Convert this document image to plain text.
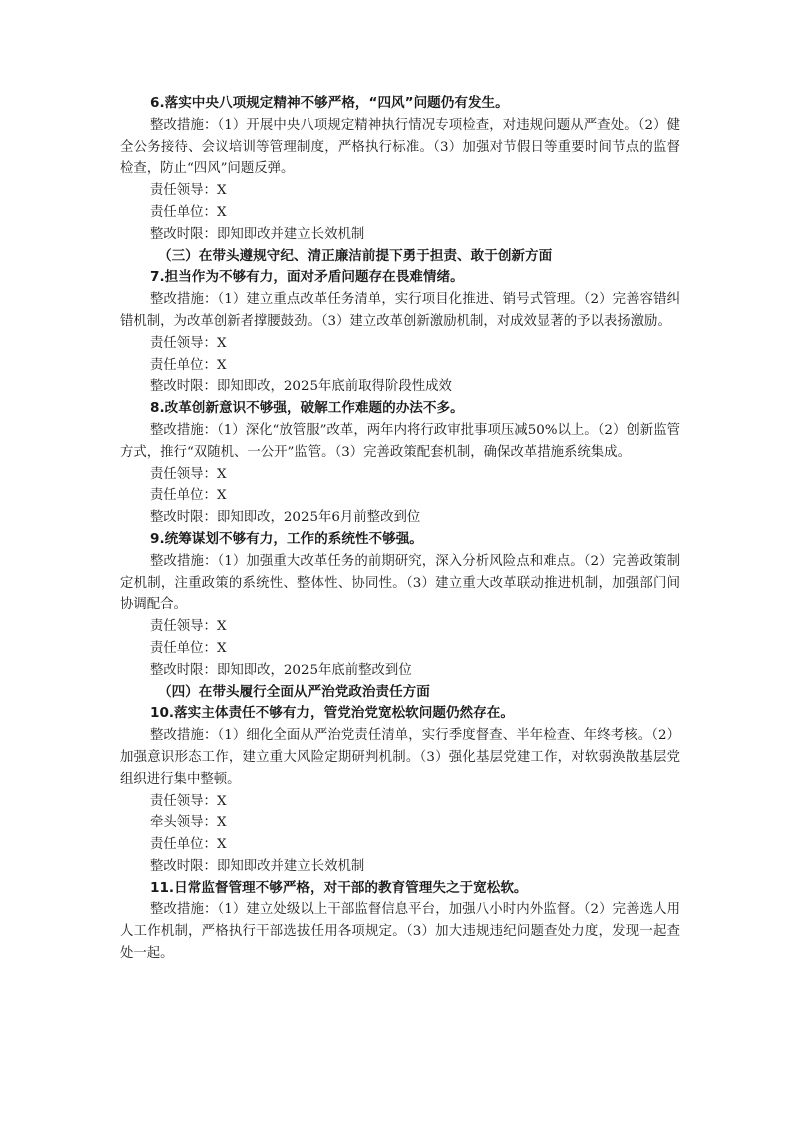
6.落实中央八项规定精神不够严格，“四风”问题仍有发生。

整改措施：（1）开展中央八项规定精神执行情况专项检查，对违规问题从严查处。（2）健全公务接待、会议培训等管理制度，严格执行标准。（3）加强对节假日等重要时间节点的监督检查，防止“四风”问题反弹。

责任领导：X

责任单位：X

整改时限：即知即改并建立长效机制

（三）在带头遵规守纪、清正廉洁前提下勇于担责、敢于创新方面

7.担当作为不够有力，面对矛盾问题存在畏难情绪。

整改措施：（1）建立重点改革任务清单，实行项目化推进、销号式管理。（2）完善容错纠错机制，为改革创新者撑腰鼓劲。（3）建立改革创新激励机制，对成效显著的予以表扬激励。

责任领导：X

责任单位：X

整改时限：即知即改，2025年底前取得阶段性成效

8.改革创新意识不够强，破解工作难题的办法不多。

整改措施：（1）深化“放管服”改革，两年内将行政审批事项压减50%以上。（2）创新监管方式，推行“双随机、一公开”监管。（3）完善政策配套机制，确保改革措施系统集成。

责任领导：X

责任单位：X

整改时限：即知即改，2025年6月前整改到位

9.统筹谋划不够有力，工作的系统性不够强。

整改措施：（1）加强重大改革任务的前期研究，深入分析风险点和难点。（2）完善政策制定机制，注重政策的系统性、整体性、协同性。（3）建立重大改革联动推进机制，加强部门间协调配合。

责任领导：X

责任单位：X

整改时限：即知即改，2025年底前整改到位

（四）在带头履行全面从严治党政治责任方面

10.落实主体责任不够有力，管党治党宽松软问题仍然存在。

整改措施：（1）细化全面从严治党责任清单，实行季度督查、半年检查、年终考核。（2）加强意识形态工作，建立重大风险定期研判机制。（3）强化基层党建工作，对软弱涣散基层党组织进行集中整顿。

责任领导：X

牵头领导：X

责任单位：X

整改时限：即知即改并建立长效机制

11.日常监督管理不够严格，对干部的教育管理失之于宽松软。

整改措施：（1）建立处级以上干部监督信息平台，加强八小时内外监督。（2）完善选人用人工作机制，严格执行干部选拔任用各项规定。（3）加大违规违纪问题查处力度，发现一起查处一起。
